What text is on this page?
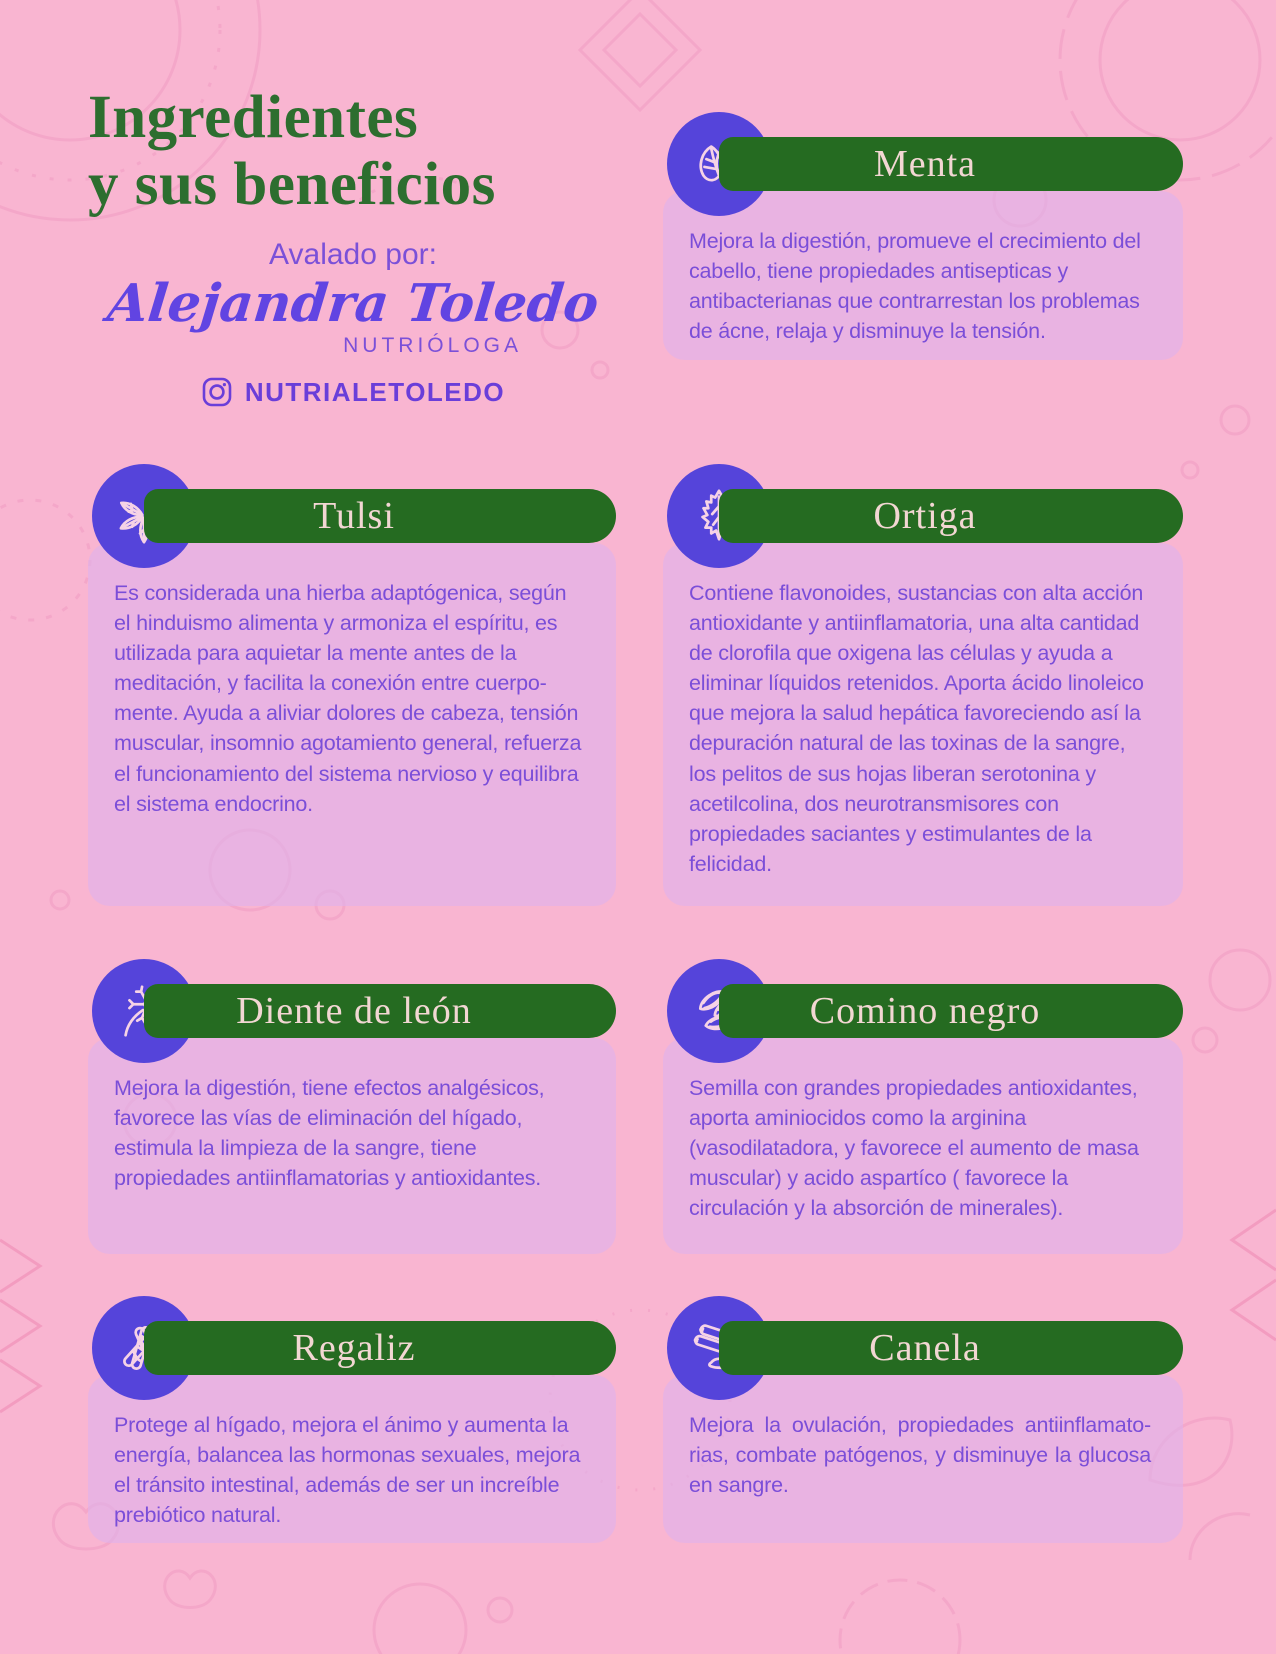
Ingredientes
y sus beneficios
Avalado por:
Alejandra Toledo
NUTRIÓLOGA
NUTRIALETOLEDO
Menta

Mejora la digestión, promueve el crecimiento del cabello, tiene propiedades antisepticas y antibacterianas que contrarrestan los problemas de ácne, relaja y disminuye la tensión.

Tulsi

Es considerada una hierba adaptógenica, según el hinduismo alimenta y armoniza el espíritu, es utilizada para aquietar la mente antes de la meditación, y facilita la conexión entre cuerpo-mente. Ayuda a aliviar dolores de cabeza, tensión muscular, insomnio agotamiento general, refuerza el funcionamiento del sistema nervioso y equilibra el sistema endocrino.

Ortiga

Contiene flavonoides, sustancias con alta acción antioxidante y antiinflamatoria, una alta cantidad de clorofila que oxigena las células y ayuda a eliminar líquidos retenidos. Aporta ácido linoleico que mejora la salud hepática favoreciendo así la depuración natural de las toxinas de la sangre, los pelitos de sus hojas liberan serotonina y acetilcolina, dos neurotransmisores con propiedades saciantes y estimulantes de la felicidad.

Diente de león

Mejora la digestión, tiene efectos analgésicos, favorece las vías de eliminación del hígado, estimula la limpieza de la sangre, tiene propiedades antiinflamatorias y antioxidantes.

Comino negro

Semilla con grandes propiedades antioxidantes, aporta aminiocidos como la arginina (vasodilatadora, y favorece el aumento de masa muscular) y acido aspartíco ( favorece la circulación y la absorción de minerales).

Regaliz

Protege al hígado, mejora el ánimo y aumenta la energía, balancea las hormonas sexuales, mejora el tránsito intestinal, además de ser un increíble prebiótico natural.

Canela

Mejora la ovulación, propiedades antiinflamato-rias, combate patógenos, y disminuye la glucosa en sangre.
